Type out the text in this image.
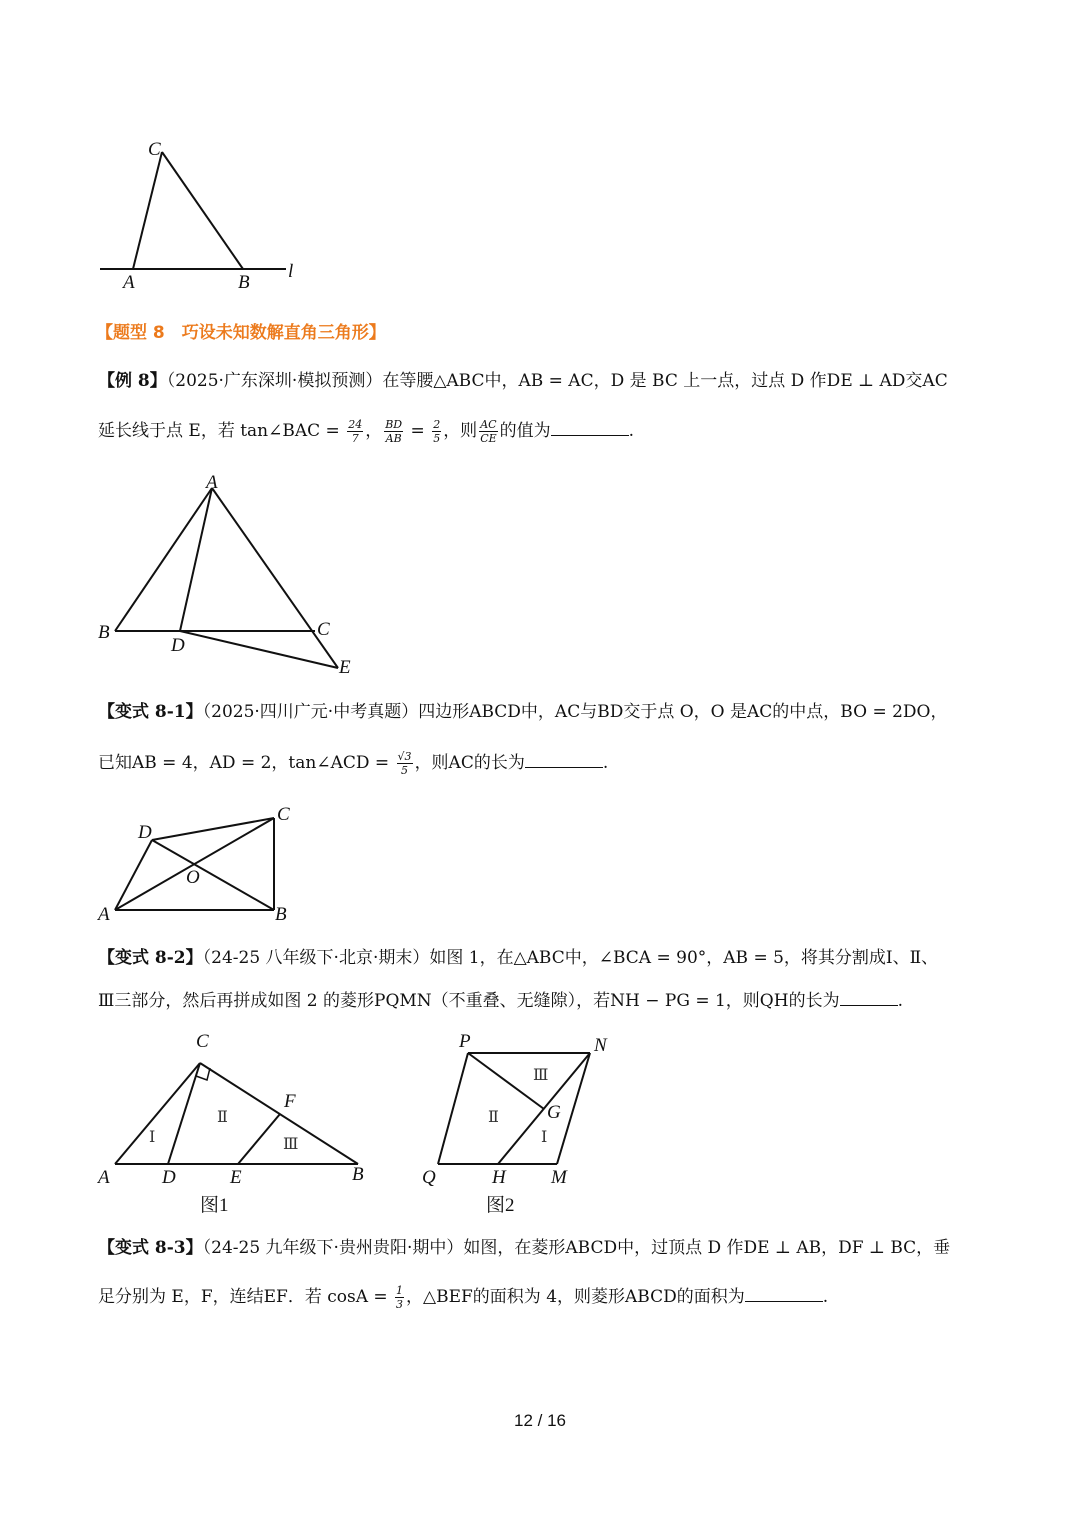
C
A	B
l
【题型 8　巧设未知数解直角三角形】
【例 8】（2025·广东深圳·模拟预测）在等腰△ABC中，AB = AC，D 是 BC 上一点，过点 D 作DE ⊥ AD交AC
延长线于点 E，若 tan∠BAC = $\frac{24}{7}$ ， $\frac{BD}{AB} = \frac{2}{5}$ ，则 $\frac{AC}{CE}$ 的值为	.
A
B	C
D
E
【变式 8-1】（2025·四川广元·中考真题）四边形ABCD中，AC与BD交于点 O，O 是AC的中点，BO = 2DO，
已知AB = 4，AD = 2，tan∠ACD = $\frac{√3}{5}$ ，则AC的长为	.
D
C
O
A	B
【变式 8-2】（24-25 八年级下·北京·期末）如图 1，在△ABC中，∠BCA = 90°，AB = 5，将其分割成Ⅰ、Ⅱ、
Ⅲ三部分，然后再拼成如图 2 的菱形PQMN（不重叠、无缝隙），若NH − PG = 1，则QH的长为	.
C
F
A	D	E	B
Ⅰ
Ⅱ
Ⅲ
图1
P	N
G
Q	H M
Ⅲ
Ⅱ
Ⅰ
图2
【变式 8-3】（24-25 九年级下·贵州贵阳·期中）如图，在菱形ABCD中，过顶点 D 作DE ⊥ AB，DF ⊥ BC，垂
足分别为 E，F，连结EF．若 $\cos A = \frac{1}{3}$ ，△BEF的面积为 4，则菱形ABCD的面积为	.
12 / 16
